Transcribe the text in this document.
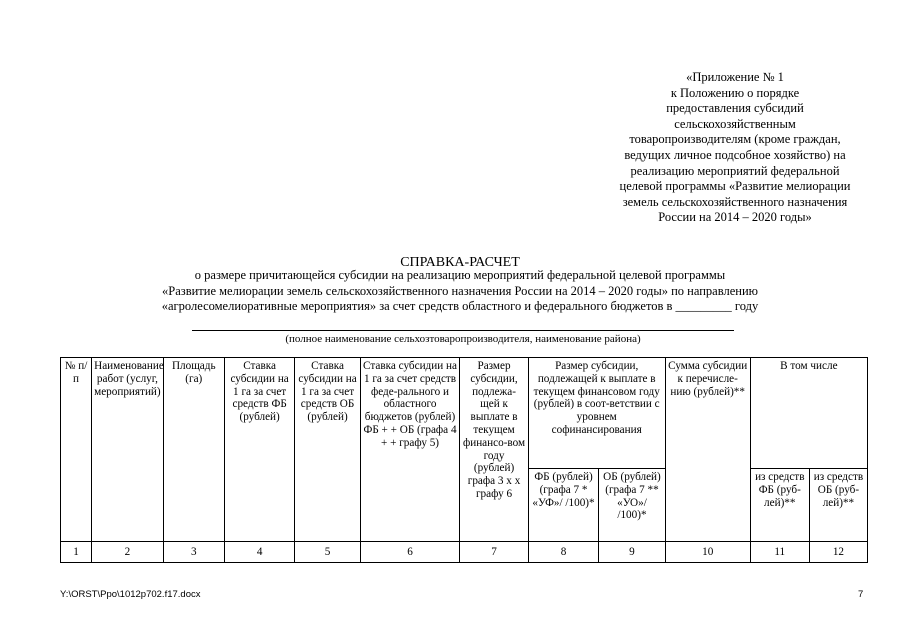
«Приложение № 1
к Положению о порядке
предоставления субсидий
сельскохозяйственным
товаропроизводителям (кроме граждан,
ведущих личное подсобное хозяйство) на
реализацию мероприятий федеральной
целевой программы «Развитие мелиорации
земель сельскохозяйственного назначения
России на 2014 – 2020 годы»
СПРАВКА-РАСЧЕТ
о размере причитающейся субсидии на реализацию мероприятий федеральной целевой программы
«Развитие мелиорации земель сельскохозяйственного назначения России на 2014 – 2020 годы» по направлению
«агролесомелиоративные мероприятия» за счет средств областного и федерального бюджетов в _________ году
(полное наименование сельхозтоваропроизводителя, наименование района)
№ п/п	Наименование работ (услуг, мероприятий)	Площадь (га)	Ставка субсидии на 1 га за счет средств ФБ (рублей)	Ставка субсидии на 1 га за счет средств ОБ (рублей)	Ставка субсидии на 1 га за счет средств феде-рального и областного бюджетов (рублей) ФБ + + ОБ (графа 4 + + графу 5)	Размер субсидии, подлежа-щей к выплате в текущем финансо-вом году (рублей) графа 3 х х графу 6	Размер субсидии, подлежащей к выплате в текущем финансовом году (рублей) в соот-ветствии с уровнем софинансирования		Сумма субсидии к перечисле-нию (рублей)**	В том числе	
							ФБ (рублей) (графа 7 * «УФ»/ /100)*	ОБ (рублей) (графа 7 ** «УО»/ /100)*		из средств ФБ (руб-лей)**	из средств ОБ (руб-лей)**
1	2	3	4	5	6	7	8	9	10	11	12
Y:\ORST\Ppo\1012p702.f17.docx	7
